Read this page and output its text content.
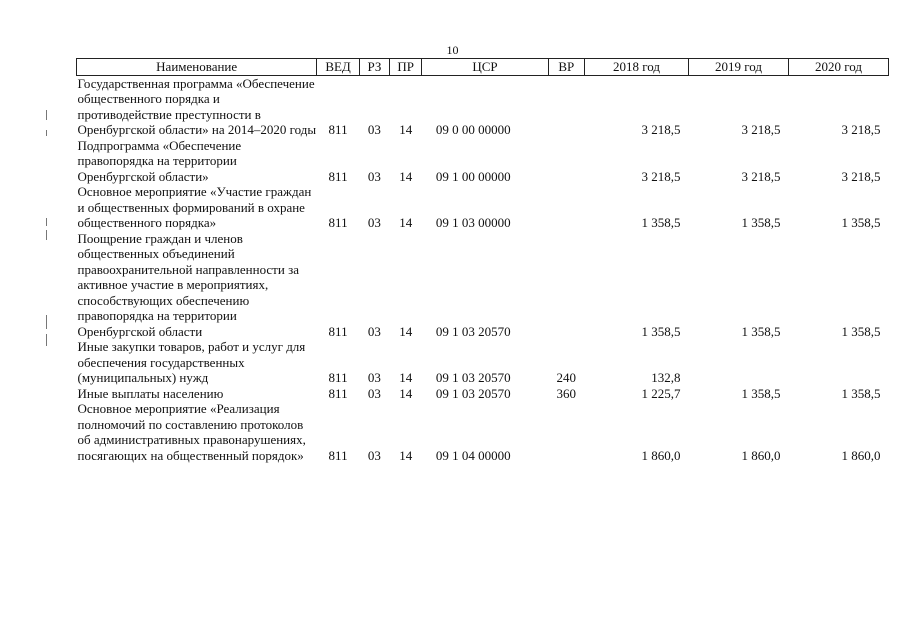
10
Наименование	ВЕД	РЗ	ПР	ЦСР	ВР	2018 год	2019 год	2020 год
Государственная программа «Обеспечение общественного порядка и противодействие преступности в Оренбургской области» на 2014–2020 годы	811	03	14	09 0 00 00000		3 218,5	3 218,5	3 218,5
Подпрограмма «Обеспечение правопорядка на территории Оренбургской области»	811	03	14	09 1 00 00000		3 218,5	3 218,5	3 218,5
Основное мероприятие «Участие граждан и общественных формирований в охране общественного порядка»	811	03	14	09 1 03 00000		1 358,5	1 358,5	1 358,5
Поощрение граждан и членов общественных объединений правоохранительной направленности за активное участие в мероприятиях, способствующих обеспечению правопорядка на территории Оренбургской области	811	03	14	09 1 03 20570		1 358,5	1 358,5	1 358,5
Иные закупки товаров, работ и услуг для обеспечения государственных (муниципальных) нужд	811	03	14	09 1 03 20570	240	132,8		
Иные выплаты населению	811	03	14	09 1 03 20570	360	1 225,7	1 358,5	1 358,5
Основное мероприятие «Реализация полномочий по составлению протоколов об административных правонарушениях, посягающих на общественный порядок»	811	03	14	09 1 04 00000		1 860,0	1 860,0	1 860,0
